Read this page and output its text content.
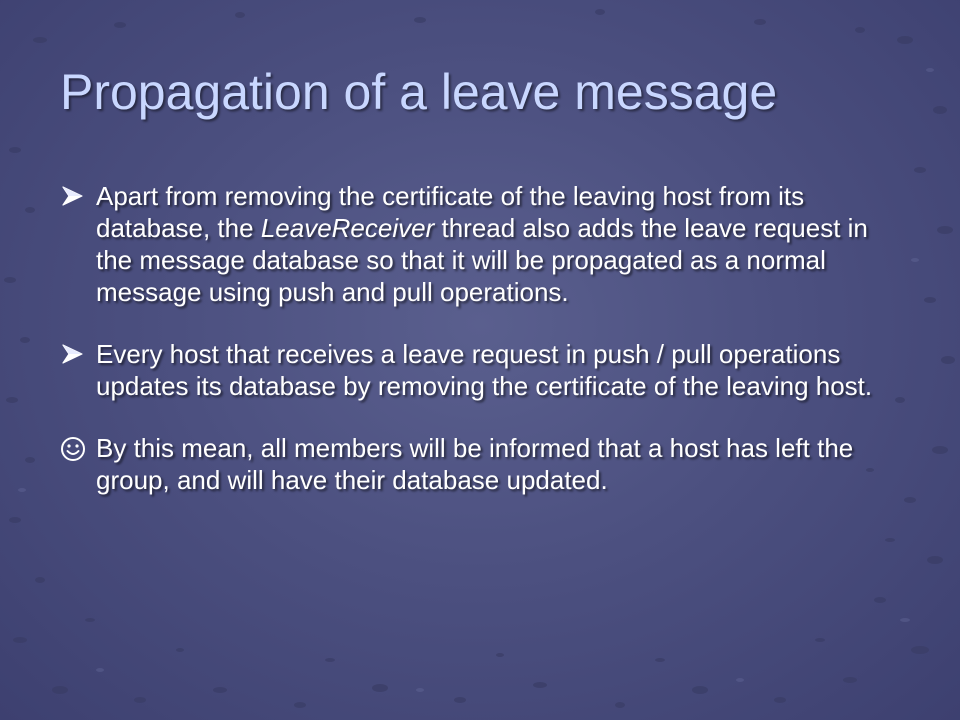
Propagation of a leave message
Apart from removing the certificate of the leaving host from its database, the LeaveReceiver thread also adds the leave request in the message database so that it will be propagated as a normal message using push and pull operations.
Every host that receives a leave request in push / pull operations updates its database by removing the certificate of the leaving host.
By this mean, all members will be informed that a host has left the group, and will have their database updated.
